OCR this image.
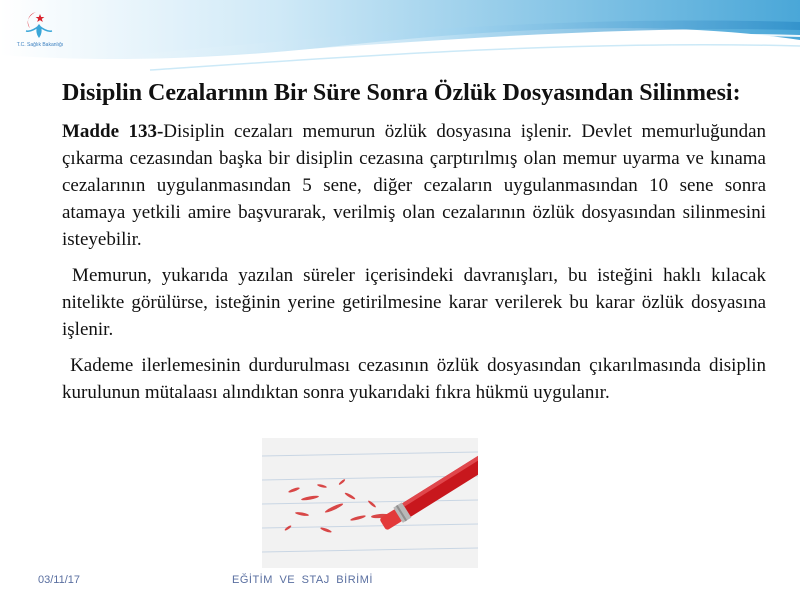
T.C. Sağlık Bakanlığı
Disiplin Cezalarının Bir Süre Sonra Özlük Dosyasından Silinmesi:

Madde 133-Disiplin cezaları memurun özlük dosyasına işlenir. Devlet memurluğundan çıkarma cezasından başka bir disiplin cezasına çarptırılmış olan memur uyarma ve kınama cezalarının uygulanmasından 5 sene, diğer cezaların uygulanmasından 10 sene sonra atamaya yetkili amire başvurarak, verilmiş olan cezalarının özlük dosyasından silinmesini isteyebilir.

Memurun, yukarıda yazılan süreler içerisindeki davranışları, bu isteğini haklı kılacak nitelikte görülürse, isteğinin yerine getirilmesine karar verilerek bu karar özlük dosyasına işlenir.

Kademe ilerlemesinin durdurulması cezasının özlük dosyasından çıkarılmasında disiplin kurulunun mütalaası alındıktan sonra yukarıdaki fıkra hükmü uygulanır.

03/11/17	EĞİTİM VE STAJ BİRİMİ
